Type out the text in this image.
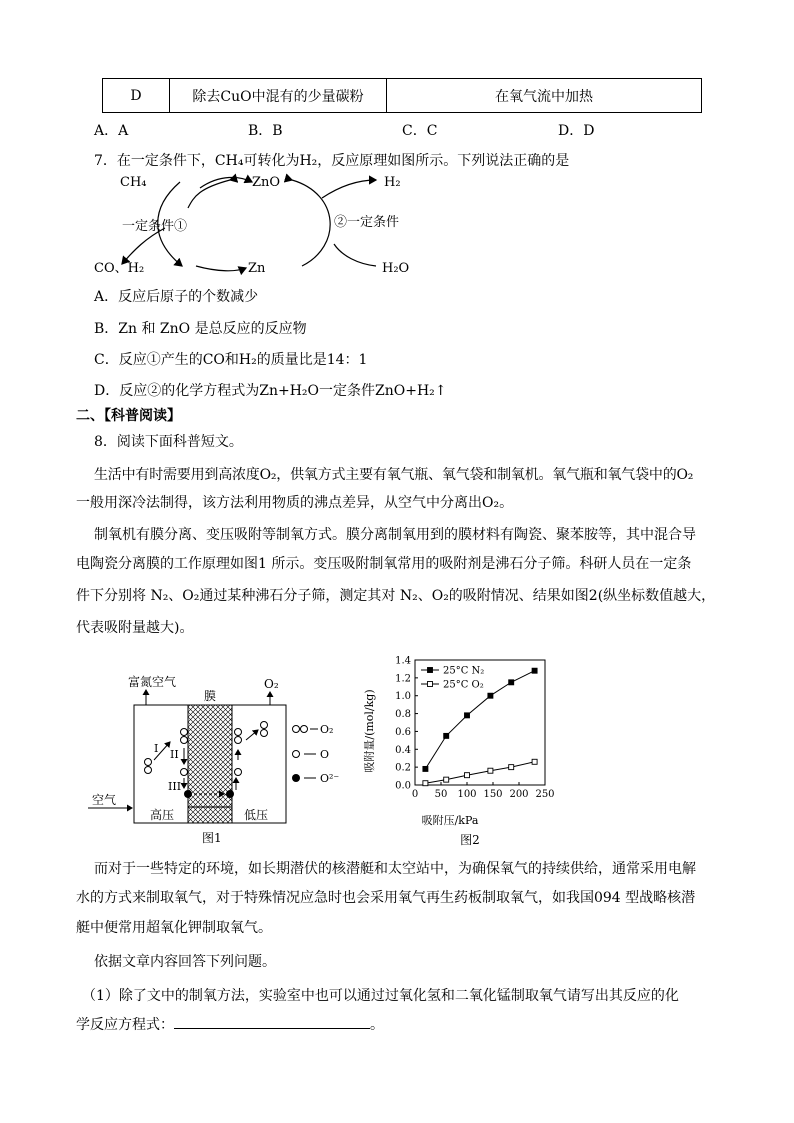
D	除去CuO中混有的少量碳粉	在氧气流中加热
A．A	B．B	C．C	D．D
7．在一定条件下，CH₄可转化为H₂，反应原理如图所示。下列说法正确的是
CH₄	ZnO	H₂
一定条件①	②一定条件
CO、H₂	Zn	H₂O
A．反应后原子的个数减少
B．Zn 和 ZnO 是总反应的反应物
C．反应①产生的CO和H₂的质量比是14：1
D．反应②的化学方程式为Zn+H₂O一定条件ZnO+H₂↑
二、【科普阅读】
8．阅读下面科普短文。
生活中有时需要用到高浓度O₂，供氧方式主要有氧气瓶、氧气袋和制氧机。氧气瓶和氧气袋中的O₂
一般用深冷法制得，该方法利用物质的沸点差异，从空气中分离出O₂。
制氧机有膜分离、变压吸附等制氧方式。膜分离制氧用到的膜材料有陶瓷、聚苯胺等，其中混合导
电陶瓷分离膜的工作原理如图1 所示。变压吸附制氧常用的吸附剂是沸石分子筛。科研人员在一定条
件下分别将 N₂、O₂通过某种沸石分子筛，测定其对 N₂、O₂的吸附情况、结果如图2(纵坐标数值越大，
代表吸附量越大)。
富氮空气
膜
O₂
I II
III
空气
高压	低压
图1
O₂
O
O²⁻
0 50 100 150 200 250
0.0
0.2
0.4
0.6
0.8
1.0
1.2
1.4
25°C N₂
25°C O₂
吸附压/kPa
吸附量/(mol/kg)
图2
而对于一些特定的环境，如长期潜伏的核潜艇和太空站中，为确保氧气的持续供给，通常采用电解
水的方式来制取氧气，对于特殊情况应急时也会采用氧气再生药板制取氧气，如我国094 型战略核潜
艇中便常用超氧化钾制取氧气。
依据文章内容回答下列问题。
（1）除了文中的制氧方法，实验室中也可以通过过氧化氢和二氧化锰制取氧气请写出其反应的化
学反应方程式：	。
